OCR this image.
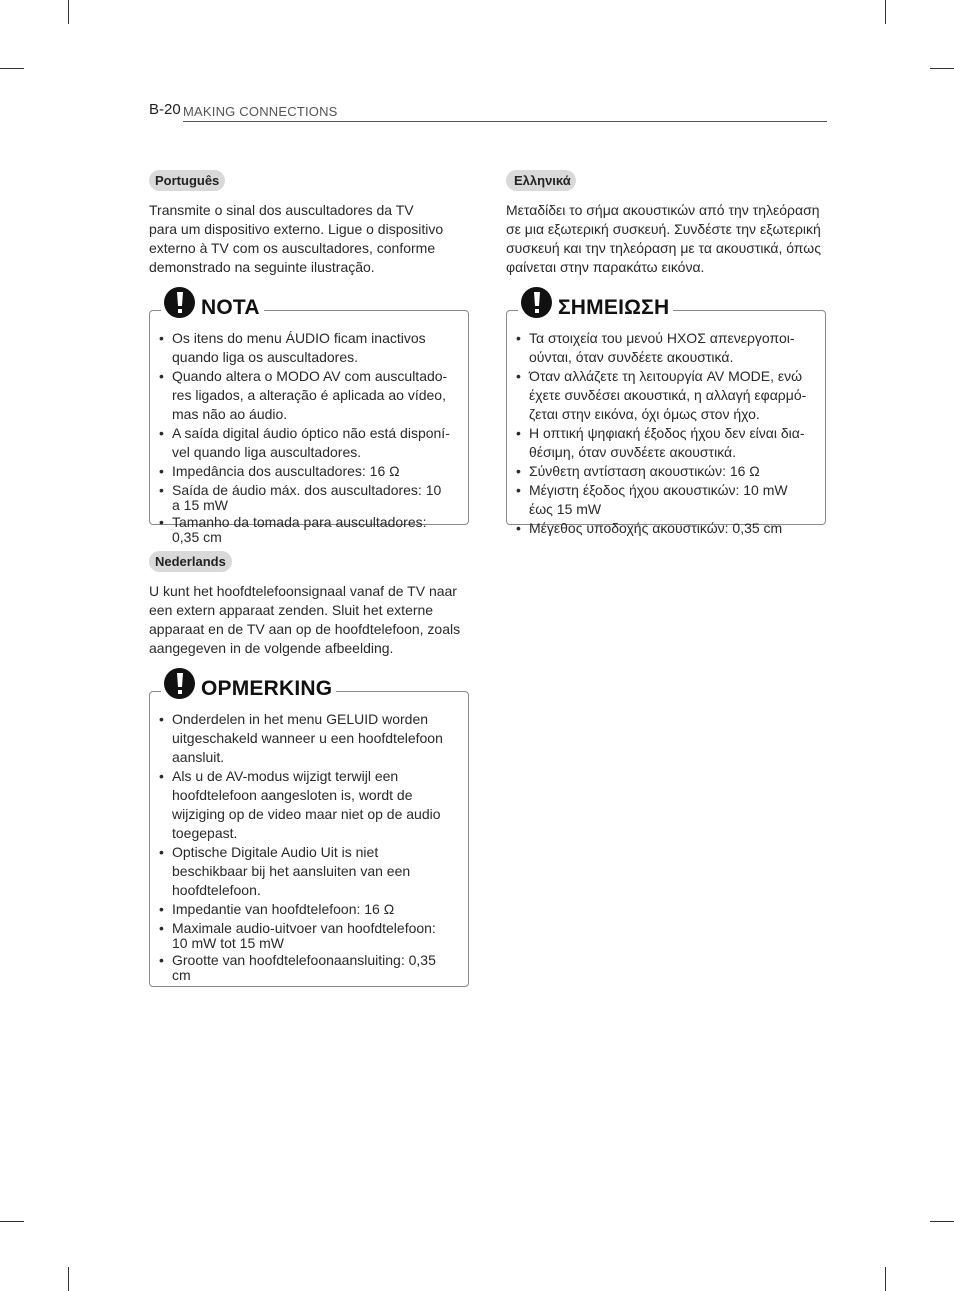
B-20 MAKING CONNECTIONS
Português

Transmite o sinal dos auscultadores da TV
para um dispositivo externo. Ligue o dispositivo
externo à TV com os auscultadores, conforme
demonstrado na seguinte ilustração.

NOTA
• Os itens do menu ÁUDIO ficam inactivos
quando liga os auscultadores.
• Quando altera o MODO AV com auscultado-
res ligados, a alteração é aplicada ao vídeo,
mas não ao áudio.
• A saída digital áudio óptico não está disponí-
vel quando liga auscultadores.
• Impedância dos auscultadores: 16 Ω
• Saída de áudio máx. dos auscultadores: 10
a 15 mW
• Tamanho da tomada para auscultadores:
0,35 cm
Nederlands

U kunt het hoofdtelefoonsignaal vanaf de TV naar
een extern apparaat zenden. Sluit het externe
apparaat en de TV aan op de hoofdtelefoon, zoals
aangegeven in de volgende afbeelding.

OPMERKING
• Onderdelen in het menu GELUID worden
uitgeschakeld wanneer u een hoofdtelefoon
aansluit.
• Als u de AV-modus wijzigt terwijl een
hoofdtelefoon aangesloten is, wordt de
wijziging op de video maar niet op de audio
toegepast.
• Optische Digitale Audio Uit is niet
beschikbaar bij het aansluiten van een
hoofdtelefoon.
• Impedantie van hoofdtelefoon: 16 Ω
• Maximale audio-uitvoer van hoofdtelefoon:
10 mW tot 15 mW
• Grootte van hoofdtelefoonaansluiting: 0,35
cm
Ελληνικά

Μεταδίδει το σήμα ακουστικών από την τηλεόραση
σε μια εξωτερική συσκευή. Συνδέστε την εξωτερική
συσκευή και την τηλεόραση με τα ακουστικά, όπως
φαίνεται στην παρακάτω εικόνα.

ΣΗΜΕΙΩΣΗ
• Τα στοιχεία του μενού ΗΧΟΣ απενεργοποι-
ούνται, όταν συνδέετε ακουστικά.
• Όταν αλλάζετε τη λειτουργία AV MODE, ενώ
έχετε συνδέσει ακουστικά, η αλλαγή εφαρμό-
ζεται στην εικόνα, όχι όμως στον ήχο.
• Η οπτική ψηφιακή έξοδος ήχου δεν είναι δια-
θέσιμη, όταν συνδέετε ακουστικά.
• Σύνθετη αντίσταση ακουστικών: 16 Ω
• Μέγιστη έξοδος ήχου ακουστικών: 10 mW
έως 15 mW
• Μέγεθος υποδοχής ακουστικών: 0,35 cm
